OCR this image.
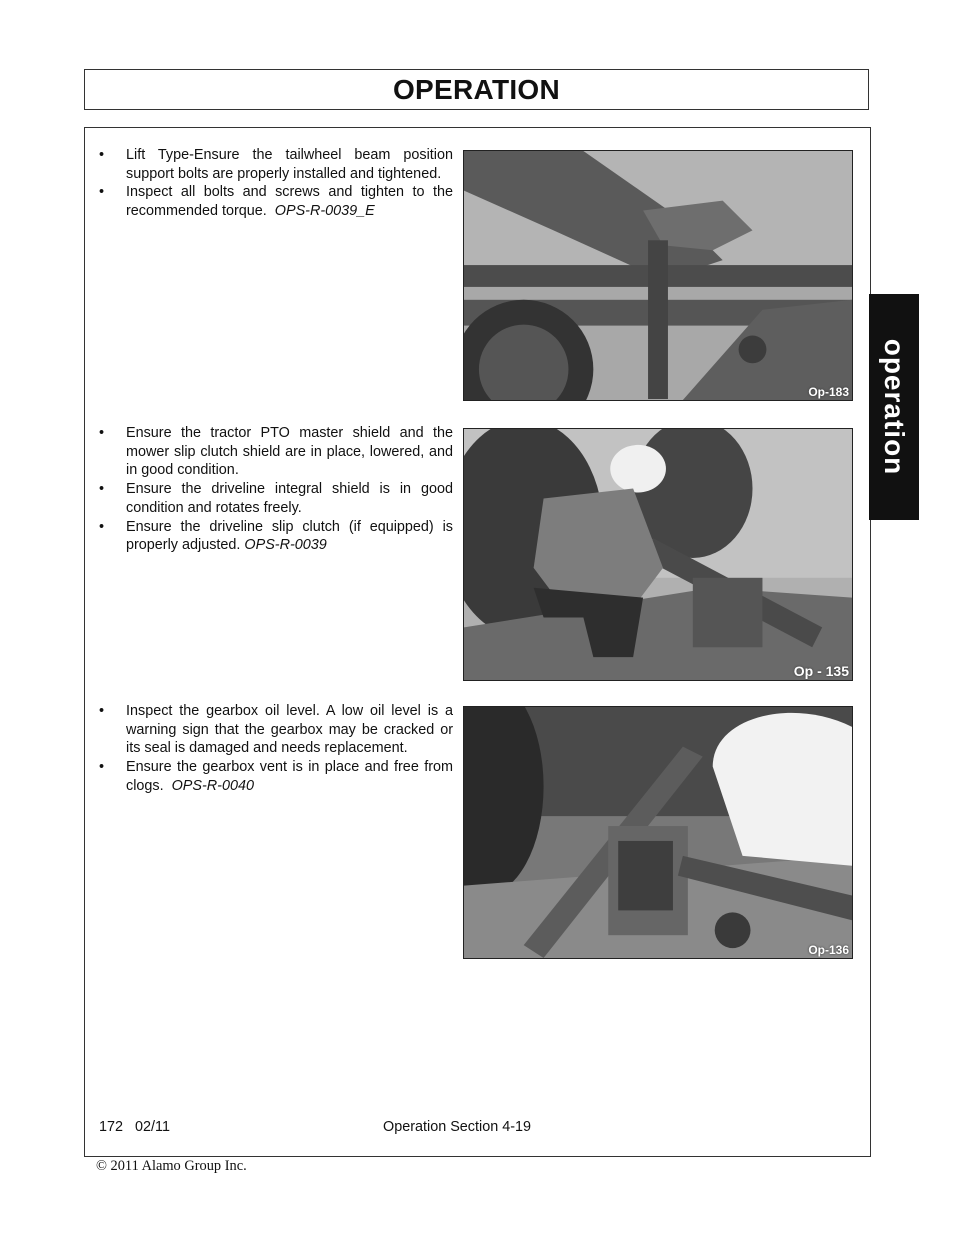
OPERATION
operation
• Lift Type-Ensure the tailwheel beam position support bolts are properly installed and tightened.
• Inspect all bolts and screws and tighten to the recommended torque. OPS-R-0039_E
Op-183
• Ensure the tractor PTO master shield and the mower slip clutch shield are in place, lowered, and in good condition.
• Ensure the driveline integral shield is in good condition and rotates freely.
• Ensure the driveline slip clutch (if equipped) is properly adjusted. OPS-R-0039
Op - 135
• Inspect the gearbox oil level. A low oil level is a warning sign that the gearbox may be cracked or its seal is damaged and needs replacement.
• Ensure the gearbox vent is in place and free from clogs. OPS-R-0040
Op-136
172   02/11	Operation Section 4-19
© 2011 Alamo Group Inc.
